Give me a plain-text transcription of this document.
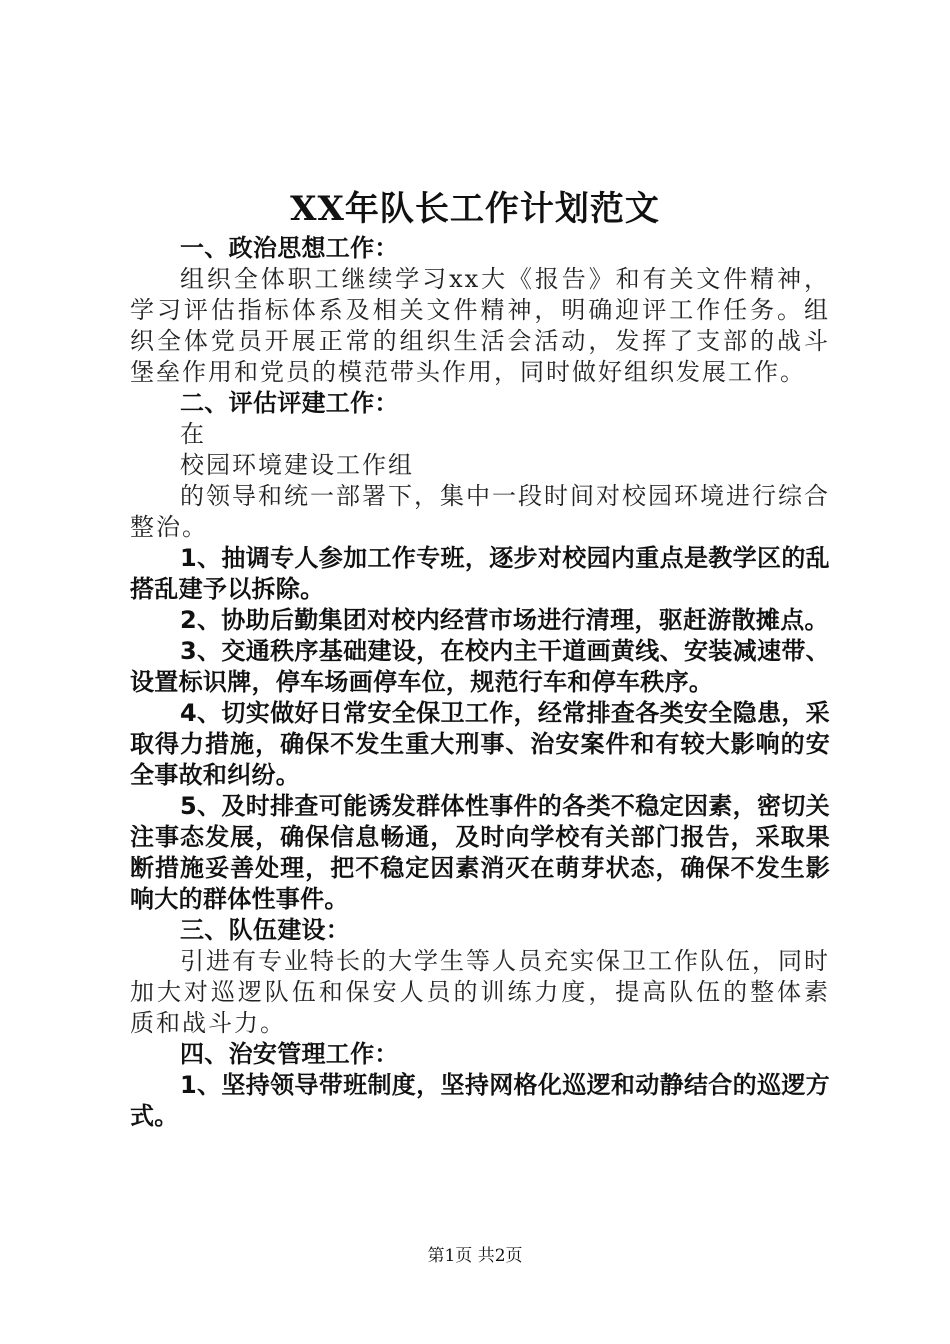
XX年队长工作计划范文

一、政治思想工作：

组织全体职工继续学习xx大《报告》和有关文件精神，学习评估指标体系及相关文件精神，明确迎评工作任务。组织全体党员开展正常的组织生活会活动，发挥了支部的战斗堡垒作用和党员的模范带头作用，同时做好组织发展工作。

二、评估评建工作：

在

校园环境建设工作组

的领导和统一部署下，集中一段时间对校园环境进行综合整治。

1、抽调专人参加工作专班，逐步对校园内重点是教学区的乱搭乱建予以拆除。

2、协助后勤集团对校内经营市场进行清理，驱赶游散摊点。

3、交通秩序基础建设，在校内主干道画黄线、安装减速带、设置标识牌，停车场画停车位，规范行车和停车秩序。

4、切实做好日常安全保卫工作，经常排查各类安全隐患，采取得力措施，确保不发生重大刑事、治安案件和有较大影响的安全事故和纠纷。

5、及时排查可能诱发群体性事件的各类不稳定因素，密切关注事态发展，确保信息畅通，及时向学校有关部门报告，采取果断措施妥善处理，把不稳定因素消灭在萌芽状态，确保不发生影响大的群体性事件。

三、队伍建设：

引进有专业特长的大学生等人员充实保卫工作队伍，同时加大对巡逻队伍和保安人员的训练力度，提高队伍的整体素质和战斗力。

四、治安管理工作：

1、坚持领导带班制度，坚持网格化巡逻和动静结合的巡逻方式。

第1页 共2页
